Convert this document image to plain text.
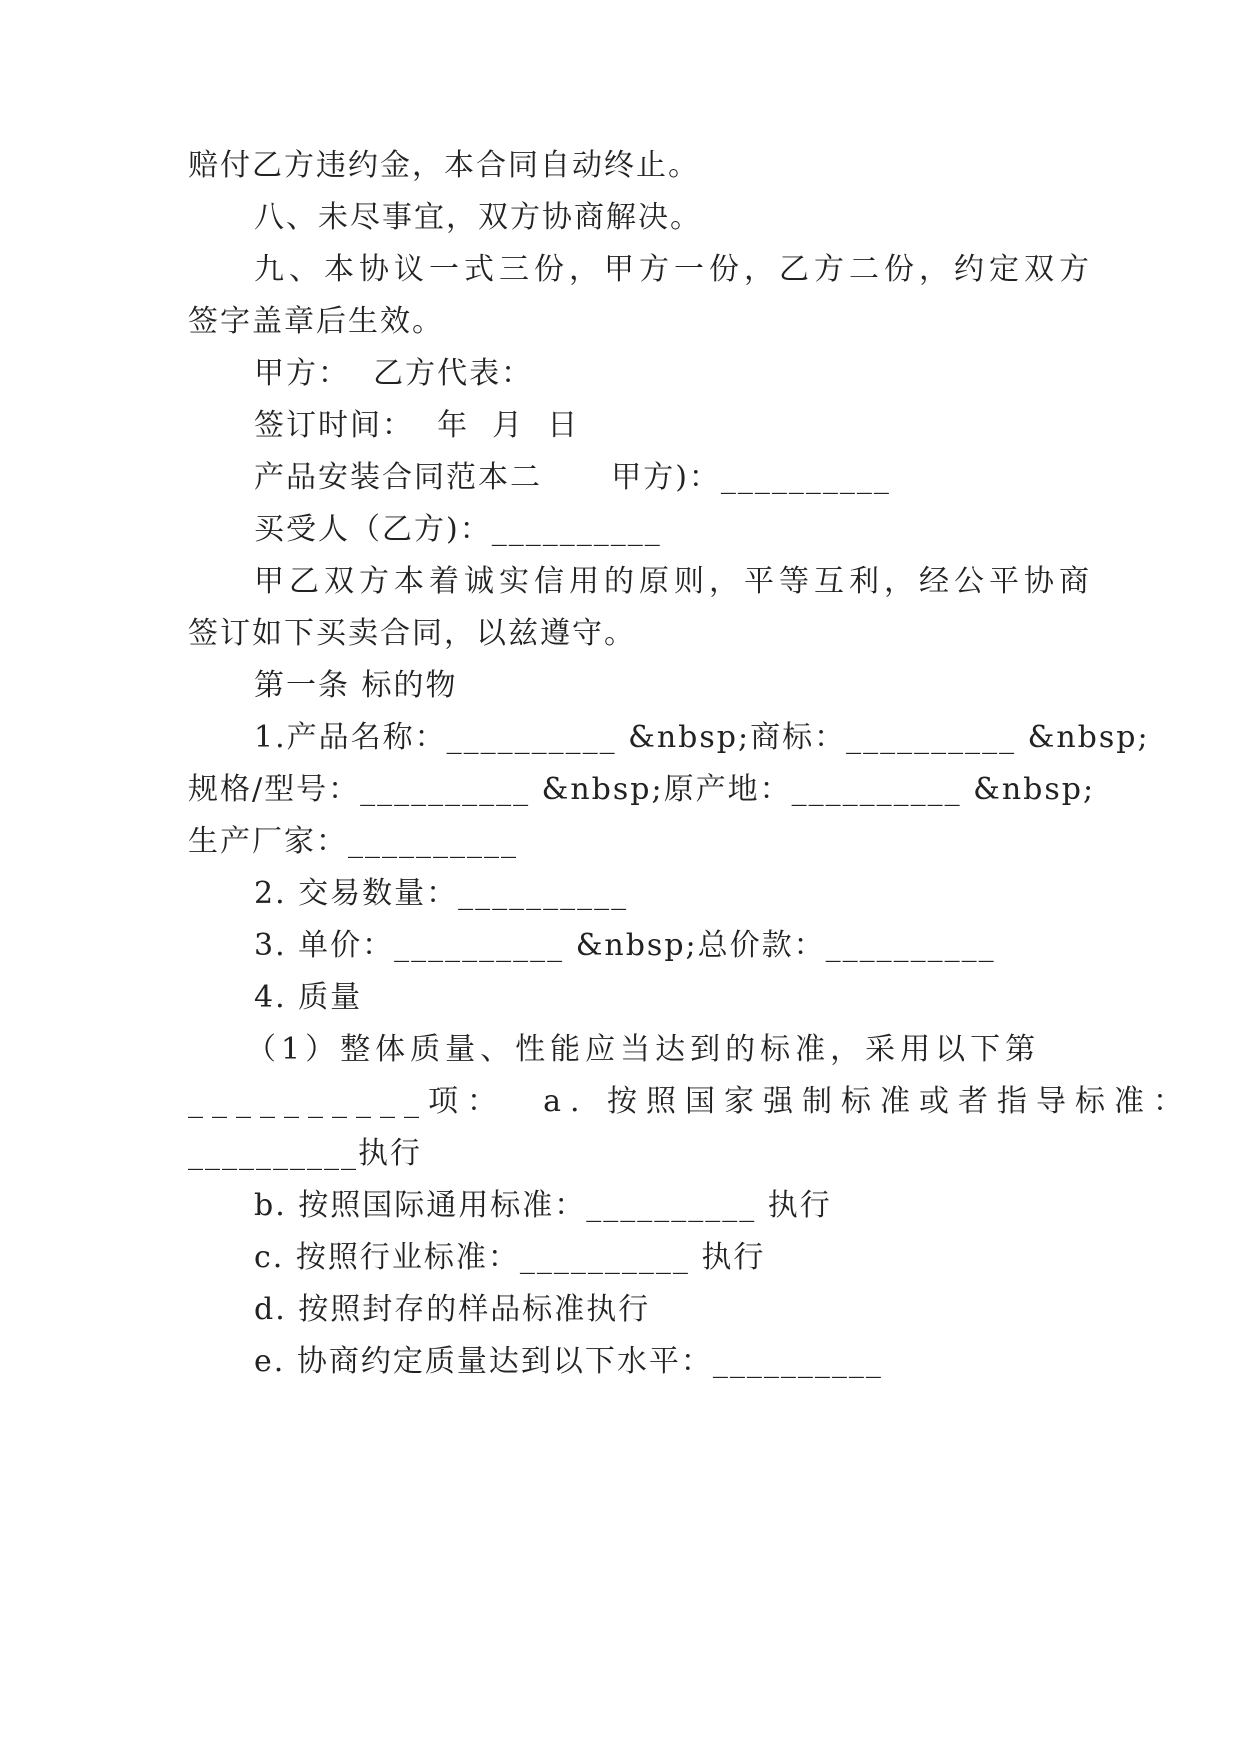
赔付乙方违约金，本合同自动终止。
八、未尽事宜，双方协商解决。
九、本协议一式三份，甲方一份，乙方二份，约定双方
签字盖章后生效。
甲方：  乙方代表：
签订时间：  年  月  日
产品安装合同范本二      甲方)：__________
买受人（乙方)：__________
甲乙双方本着诚实信用的原则，平等互利，经公平协商
签订如下买卖合同，以兹遵守。
第一条 标的物
1.产品名称：__________ &nbsp;商标：__________ &nbsp;
规格/型号：__________ &nbsp;原产地：__________ &nbsp;
生产厂家：__________
2. 交易数量：__________
3. 单价：__________ &nbsp;总价款：__________
4. 质量
（1）整体质量、性能应当达到的标准，采用以下第
__________项：  a. 按照国家强制标准或者指导标准：
__________执行
b. 按照国际通用标准：__________ 执行
c. 按照行业标准：__________ 执行
d. 按照封存的样品标准执行
e. 协商约定质量达到以下水平：__________
